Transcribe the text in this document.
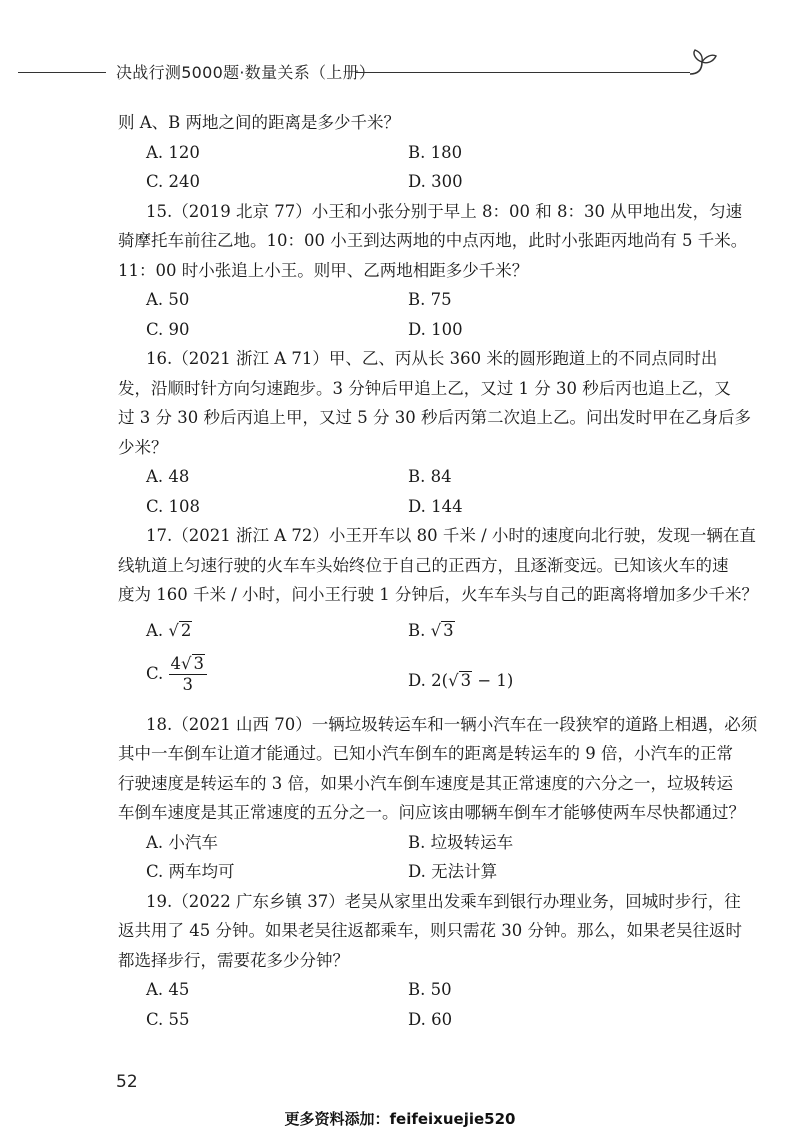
决战行测5000题·数量关系（上册）
则 A、B 两地之间的距离是多少千米？
A. 120	B. 180
C. 240	D. 300
15.（2019 北京 77）小王和小张分别于早上 8：00 和 8：30 从甲地出发，匀速
骑摩托车前往乙地。10：00 小王到达两地的中点丙地，此时小张距丙地尚有 5 千米。
11：00 时小张追上小王。则甲、乙两地相距多少千米？
A. 50	B. 75
C. 90	D. 100
16.（2021 浙江 A 71）甲、乙、丙从长 360 米的圆形跑道上的不同点同时出
发，沿顺时针方向匀速跑步。3 分钟后甲追上乙，又过 1 分 30 秒后丙也追上乙，又
过 3 分 30 秒后丙追上甲，又过 5 分 30 秒后丙第二次追上乙。问出发时甲在乙身后多
少米？
A. 48	B. 84
C. 108	D. 144
17.（2021 浙江 A 72）小王开车以 80 千米 / 小时的速度向北行驶，发现一辆在直
线轨道上匀速行驶的火车车头始终位于自己的正西方，且逐渐变远。已知该火车的速
度为 160 千米 / 小时，问小王行驶 1 分钟后，火车车头与自己的距离将增加多少千米？
A. √ 2	B. √ 3
C. $\frac{4√ 3}{3}$	D. 2(√ 3 − 1)
18.（2021 山西 70）一辆垃圾转运车和一辆小汽车在一段狭窄的道路上相遇，必须
其中一车倒车让道才能通过。已知小汽车倒车的距离是转运车的 9 倍，小汽车的正常
行驶速度是转运车的 3 倍，如果小汽车倒车速度是其正常速度的六分之一，垃圾转运
车倒车速度是其正常速度的五分之一。问应该由哪辆车倒车才能够使两车尽快都通过？
A. 小汽车	B. 垃圾转运车
C. 两车均可	D. 无法计算
19.（2022 广东乡镇 37）老吴从家里出发乘车到银行办理业务，回城时步行，往
返共用了 45 分钟。如果老吴往返都乘车，则只需花 30 分钟。那么，如果老吴往返时
都选择步行，需要花多少分钟？
A. 45	B. 50
C. 55	D. 60
52
更多资料添加：feifeixuejie520
